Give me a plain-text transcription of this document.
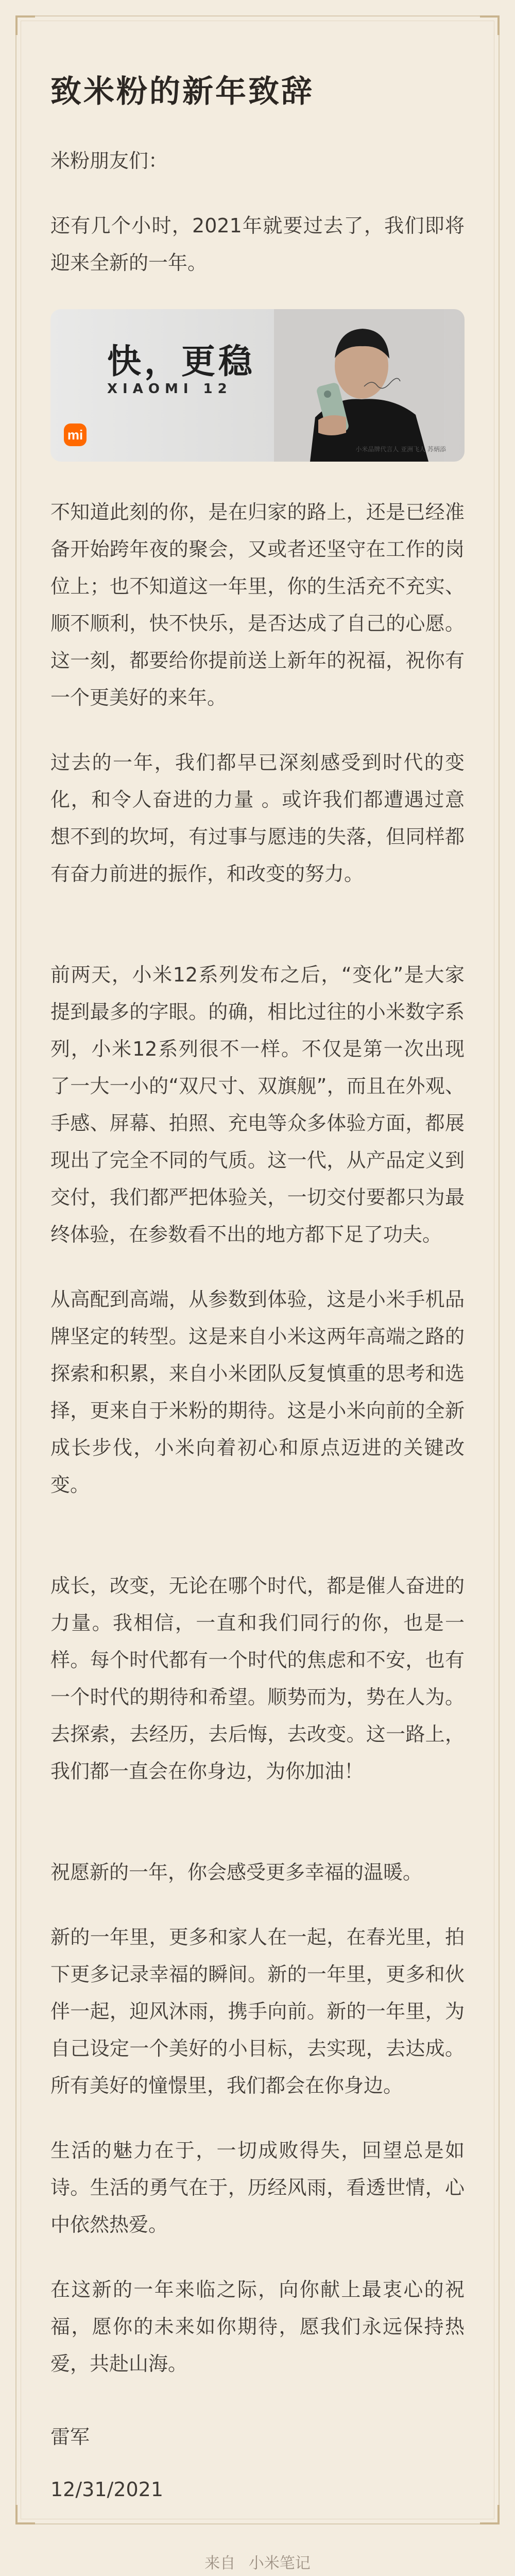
致米粉的新年致辞

米粉朋友们：

还有几个小时，2021年就要过去了，我们即将迎来全新的一年。

快，更稳
XIAOMI 12
mi
小米品牌代言人 亚洲飞人 苏炳添

不知道此刻的你，是在归家的路上，还是已经准备开始跨年夜的聚会，又或者还坚守在工作的岗位上；也不知道这一年里，你的生活充不充实、顺不顺利，快不快乐，是否达成了自己的心愿。这一刻，都要给你提前送上新年的祝福，祝你有一个更美好的来年。

过去的一年，我们都早已深刻感受到时代的变化，和令人奋进的力量 。或许我们都遭遇过意想不到的坎坷，有过事与愿违的失落，但同样都有奋力前进的振作，和改变的努力。

前两天，小米12系列发布之后，“变化”是大家提到最多的字眼。的确，相比过往的小米数字系列，小米12系列很不一样。不仅是第一次出现了一大一小的“双尺寸、双旗舰”，而且在外观、手感、屏幕、拍照、充电等众多体验方面，都展现出了完全不同的气质。这一代，从产品定义到交付，我们都严把体验关，一切交付要都只为最终体验，在参数看不出的地方都下足了功夫。

从高配到高端，从参数到体验，这是小米手机品牌坚定的转型。这是来自小米这两年高端之路的探索和积累，来自小米团队反复慎重的思考和选择，更来自于米粉的期待。这是小米向前的全新成长步伐，小米向着初心和原点迈进的关键改变。

成长，改变，无论在哪个时代，都是催人奋进的力量。我相信，一直和我们同行的你，也是一样。每个时代都有一个时代的焦虑和不安，也有一个时代的期待和希望。顺势而为，势在人为。去探索，去经历，去后悔，去改变。这一路上，我们都一直会在你身边，为你加油！

祝愿新的一年，你会感受更多幸福的温暖。

新的一年里，更多和家人在一起，在春光里，拍下更多记录幸福的瞬间。新的一年里，更多和伙伴一起，迎风沐雨，携手向前。新的一年里，为自己设定一个美好的小目标，去实现，去达成。所有美好的憧憬里，我们都会在你身边。

生活的魅力在于，一切成败得失，回望总是如诗。生活的勇气在于，历经风雨，看透世情，心中依然热爱。

在这新的一年来临之际，向你献上最衷心的祝福，愿你的未来如你期待，愿我们永远保持热爱，共赴山海。

雷军

12/31/2021

来自 小米笔记
